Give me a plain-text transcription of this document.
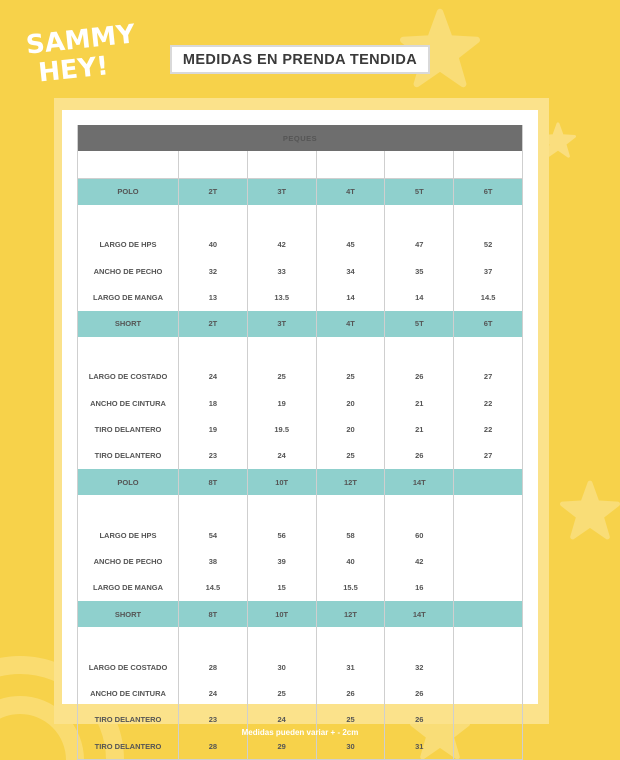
SAMMY
HEY!	MEDIDAS EN PRENDA TENDIDA
PEQUES					

POLO	2T	3T	4T	5T	6T

LARGO DE HPS	40	42	45	47	52
ANCHO DE PECHO	32	33	34	35	37
LARGO DE MANGA	13	13.5	14	14	14.5
SHORT	2T	3T	4T	5T	6T

LARGO DE COSTADO	24	25	25	26	27
ANCHO DE CINTURA	18	19	20	21	22
TIRO DELANTERO	19	19.5	20	21	22
TIRO DELANTERO	23	24	25	26	27
POLO	8T	10T	12T	14T	

LARGO DE HPS	54	56	58	60	
ANCHO DE PECHO	38	39	40	42	
LARGO DE MANGA	14.5	15	15.5	16	
SHORT	8T	10T	12T	14T	

LARGO DE COSTADO	28	30	31	32	
ANCHO DE CINTURA	24	25	26	26	
TIRO DELANTERO	23	24	25	26	
TIRO DELANTERO	28	29	30	31	
Medidas pueden variar + - 2cm
